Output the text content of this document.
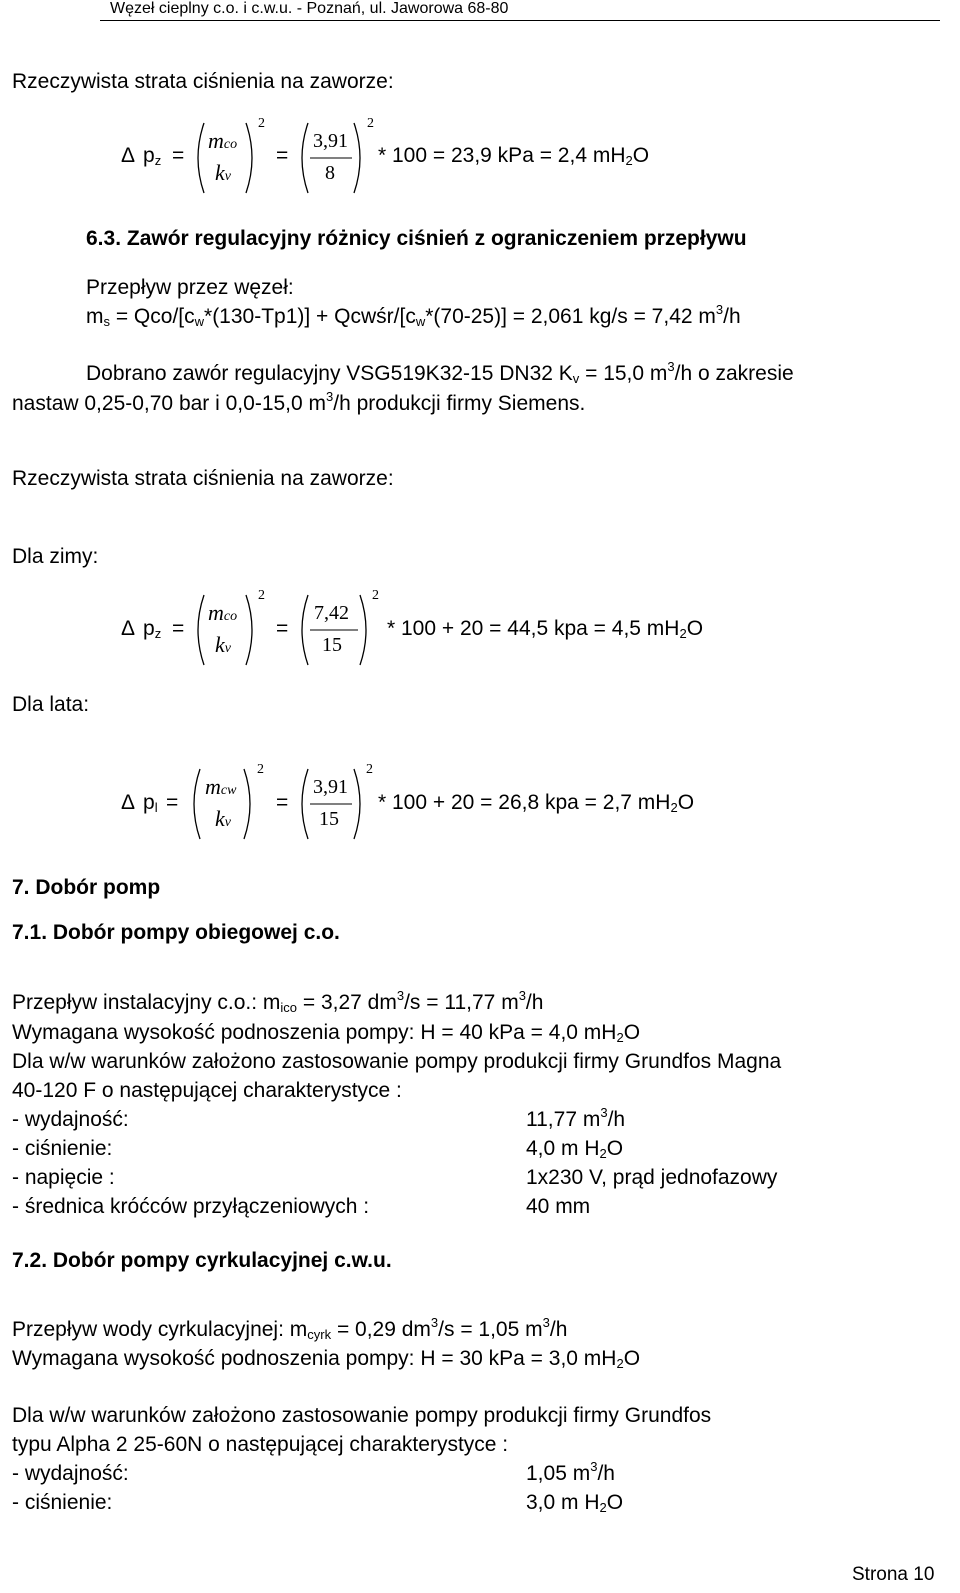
Węzeł cieplny c.o. i c.w.u. - Poznań, ul. Jaworowa 68-80
Rzeczywista strata ciśnienia na zaworze:
Δ $p_z$ =
mco
kv
2
=
3,91
8
2
* 100 = 23,9 kPa = 2,4 $mH_2O$
6.3. Zawór regulacyjny różnicy ciśnień z ograniczeniem przepływu
Przepływ przez węzeł:
$m_s = Qco/[c_w*(130-Tp1)]$ + Qcwśr/$[c_w*(70-25)] = 2,061$ kg/s = 7,42 $m^3/h$
Dobrano zawór regulacyjny VSG519K32-15 DN32 $K_v = 15,0$ $m^3/h$ o zakresie
nastaw 0,25-0,70 bar i 0,0-15,0 $m^3/h$ produkcji firmy Siemens.
Rzeczywista strata ciśnienia na zaworze:
Dla zimy:
Δ $p_z$ =
mco
kv
2
=
7,42
15
2
* 100 + 20 = 44,5 kpa = 4,5 $mH_2O$
Dla lata:
Δ $p_l$ =
mcw
kv
2
=
3,91
15
2
* 100 + 20 = 26,8 kpa = 2,7 $mH_2O$
7. Dobór pomp
7.1. Dobór pompy obiegowej c.o.
Przepływ instalacyjny c.o.: $m_{ico} = 3,27$ $dm^3/s = 11,77$ $m^3/h$
Wymagana wysokość podnoszenia pompy: H = 40 kPa = 4,0 $mH_2O$
Dla w/w warunków założono zastosowanie pompy produkcji firmy Grundfos Magna
40-120 F o następującej charakterystyce :
- wydajność:	11,77 $m^3/h$
- ciśnienie:	4,0 m $H_2O$
- napięcie :	1x230 V, prąd jednofazowy
- średnica króćców przyłączeniowych :	40 mm
7.2. Dobór pompy cyrkulacyjnej c.w.u.
Przepływ wody cyrkulacyjnej: $m_{cyrk} = 0,29$ $dm^3/s = 1,05$ $m^3/h$
Wymagana wysokość podnoszenia pompy: H = 30 kPa = 3,0 $mH_2O$
Dla w/w warunków założono zastosowanie pompy produkcji firmy Grundfos
typu Alpha 2 25-60N o następującej charakterystyce :
- wydajność:	1,05 $m^3/h$
- ciśnienie:	3,0 m $H_2O$
Strona 10
